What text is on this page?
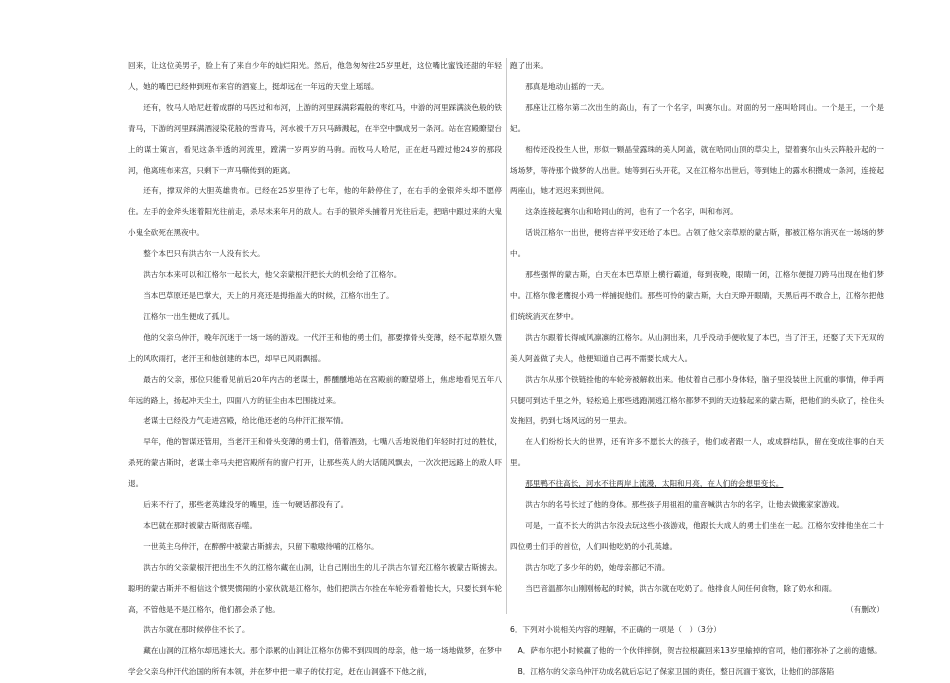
回来，让这位美男子，脸上有了来自少年的灿烂阳光。然后，他急匆匆往25岁里赶，这位嘴比蜜饯还甜的年轻人，她的嘴巴已经伸到班布来官的酒宴上，挺却远在一年远的天堂上瑶瑶。

还有，牧马人哈尼赶着成群的马匹过和布河，上游的河里踩满彩霞般的枣红马，中游的河里踩满淡色般的铁青马，下游的河里踩满酒浸染花般的雪青马，河水被千万只马蹄溅起，在半空中飘成另一条河。站在宫殿瞭望台上的谋士策言，看见这条半透的河流里，蹚满一岁两岁的马驹。而牧马人哈尼，正在赶马蹚过他24岁的那段河，他离班布来宫，只剩下一声马嘶传到的距离。

还有，撑双斧的大胆英雄贵布。已经在25岁里待了七年，他的年龄停住了，在右手的金银斧头却不愿停住。左手的金斧头迷着阳光往前走，杀尽未来年月的敌人。右手的银斧头捕着月光往后走，把暗中跟过来的大鬼小鬼全砍死在黑夜中。

整个本巴只有洪古尔一人没有长大。

洪古尔本来可以和江格尔一起长大，他父亲蒙根汗把长大的机会给了江格尔。

当本巴草原还是巴掌大，天上的月亮还是拇指盖大的时候，江格尔出生了。

江格尔一出生便成了孤儿。

他的父亲乌仲汗，晚年沉迷于一场一场的游戏。一代汗王和他的勇士们，都要撑骨头变薄，经不起草原久暨上的风吹雨打，老汗王和他创建的本巴，却早已风雨飘摇。

最古的父亲，那位只能看见前后20年内古的老谋士，醉醺醺地站在宫殿前的瞭望塔上，焦虑地看见五年八年远的路上，扬起冲天尘土，四面八方的征尘由本巴围拢过来。

老谋士已经没力气走进宫殿，给比他还老的乌仲汗汇报军情。

早年，他的智谋还管用，当老汗王和骨头变薄的勇士们，借着酒劲，七嘴八舌地说他们年轻时打过的胜仗，杀死的蒙古斯时，老谋士牵马夫把宫殿所有的窗户打开，让那些英人的大话随风飘去，一次次把远路上的敌人吓退。

后来不行了，那些老英雄没牙的嘴里，连一句硬话都没有了。

本巴就在那时被蒙古斯彻底吞噬。

一世英主乌仲汗，在醉醉中被蒙古斯掳去，只留下嗷嗷待哺的江格尔。

洪古尔的父亲蒙根汗把出生不久的江格尔藏在山洞，让自己刚出生的儿子洪古尔冒充江格尔被蒙古斯掳去。聪明的蒙古斯并不相信这个惯哭惯闹的小家伙就是江格尔，他们把洪古尔拴在车轮旁看着他长大，只要长到车轮高，不管他是不是江格尔，他们都会杀了他。

洪古尔就在那时候停住不长了。

藏在山洞的江格尔却迅速长大。那个添累的山洞让江格尔仿佛不到四周的母亲，他一场一场地做梦，在梦中学会父亲乌仲汗代治国的所有本领，并在梦中把一辈子的仗打定，赶在山洞盛不下他之前，

跑了出来。

那真是地动山摇的一天。

那座让江格尔第二次出生的高山，有了一个名字，叫赛尔山。对面的另一座叫哈同山。一个是王，一个是妃。

相传还没投生人世，形似一颗晶莹露珠的美人阿盖，就在哈同山顶的草尖上，望着赛尔山头云阵般升起的一场场梦，等待那个做梦的人出世。她等到石头开花，又在江格尔出世后，等到她上的露水积攒成一条河，连接起两座山，她才迟迟来到世间。

这条连接起赛尔山和哈同山的河，也有了一个名字，叫和布河。

话说江格尔一出世，便将吉祥平安还给了本巴。占领了他父亲草原的蒙古斯，都被江格尔消灭在一场场的梦中。

那些强悍的蒙古斯，白天在本巴草原上横行霸道，每到夜晚，眼睛一闭，江格尔便提刀跨马出现在他们梦中。江格尔像老鹰捉小鸡一样捕捉他们。那些可怜的蒙古斯，大白天睁开眼睛，天黑后再不敢合上，江格尔把他们统统消灭在梦中。

洪古尔跟着长得威风凛凛的江格尔。从山洞出来，几乎没动手便收复了本巴，当了汗王，还娶了天下无双的美人阿盖做了夫人，他便知道自己再不需要长成大人。

洪古尔从那个铁链拴他的车轮旁被解救出来。他仗着自己那小身体轻，脑子里没装世上沉重的事情，伸手两只腿可到达千里之外，轻松追上那些逃跑洞逃江格尔都梦不到的天边躲起来的蒙古斯，把他们的头砍了，拴住头发拖回，扔到七场风远的另一里去。

在人们纷纷长大的世界，还有许多不愿长大的孩子，他们或者跟一人，或成群结队，留在变成往事的白天里。

那里鸭不往高长，河水不往两岸上流漫，太阳和月亮，在人们的会想里变长。

洪古尔的名号长过了他的身体。那些孩子用祖祖的童音喊洪古尔的名字，让他去做搬家家游戏。

可是，一直不长大的洪古尔没去玩这些小孩游戏，他跟长大成人的勇士们坐在一起。江格尔安排他坐在二十四位勇士们手的首位，人们叫他吃奶的小孔英雄。

洪古尔吃了多少年的奶，她母亲都记不清。

当巴音温都尔山刚刚杨起的时候，洪古尔就在吃奶了。他排食人间任何食物，除了奶水和雨。

（有删改）

6．下列对小说相关内容的理解，不正确的一项是（　）（3分）

A．萨布尔把小时候赢了他的一个伙伴摔倒，贺吉拉根赢回来13岁里输掉的官司，他们都弥补了之前的遗憾。

B．江格尔的父亲乌仲汗功成名就后忘记了保家卫国的责任，整日沉湎于宴饮，让他们的部落陷
